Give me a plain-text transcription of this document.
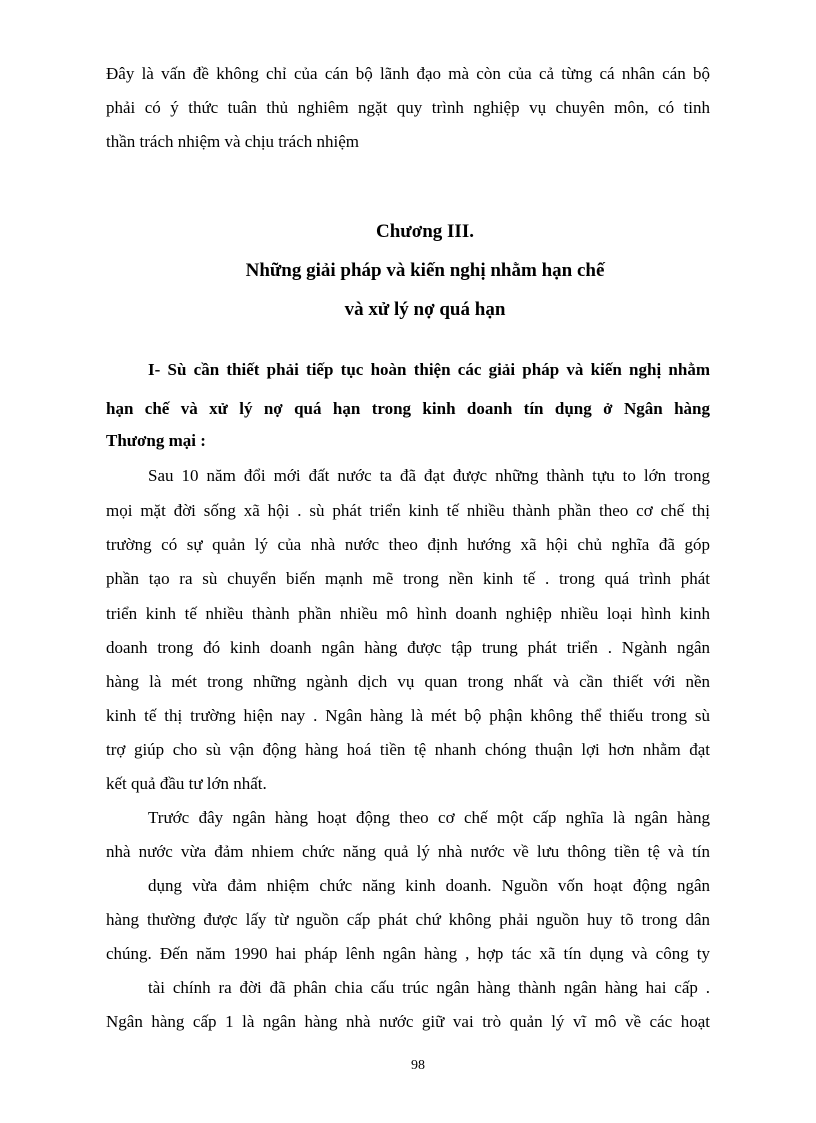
Đây là vấn đề không chỉ của cán bộ lãnh đạo mà còn của cả từng cá nhân cán bộ
phải có ý thức tuân thủ nghiêm ngặt quy trình nghiệp vụ chuyên môn, có tinh
thần trách nhiệm và chịu trách nhiệm
Chương III.
Những giải pháp và kiến nghị nhằm hạn chế
và xử lý nợ quá hạn
I- Sù cần thiết phải tiếp tục hoàn thiện các giải pháp và kiến nghị nhằm
hạn chế và xử lý nợ quá hạn trong kinh doanh tín dụng ở Ngân hàng
Thương mại :
Sau 10 năm đổi mới đất nước ta đã đạt được những thành tựu to lớn trong
mọi mặt đời sống xã hội . sù phát triển kinh tế nhiều thành phần theo cơ chế thị
trường có sự quản lý của nhà nước theo định hướng xã hội chủ nghĩa đã góp
phần tạo ra sù chuyển biến mạnh mẽ trong nền kinh tế . trong quá trình phát
triển kinh tế nhiều thành phần nhiều mô hình doanh nghiệp nhiều loại hình kinh
doanh trong đó kinh doanh ngân hàng được tập trung phát triển . Ngành ngân
hàng là mét trong những ngành dịch vụ quan trong nhất và cần thiết với nền
kinh tế thị trường hiện nay . Ngân hàng là mét bộ phận không thể thiếu trong sù
trợ giúp cho sù vận động hàng hoá tiền tệ nhanh chóng thuận lợi hơn nhằm đạt
kết quả đầu tư lớn nhất.
Trước đây ngân hàng hoạt động theo cơ chế một cấp nghĩa là ngân hàng
nhà nước vừa đảm nhiem chức năng quả lý nhà nước về lưu thông tiền tệ và tín
dụng vừa đảm nhiệm chức năng kinh doanh. Nguồn vốn hoạt động ngân
hàng thường được lấy từ nguồn cấp phát chứ không phải nguồn huy tõ trong dân
chúng. Đến năm 1990 hai pháp lênh ngân hàng , hợp tác xã tín dụng và công ty
tài chính ra đời đã phân chia cấu trúc ngân hàng thành ngân hàng hai cấp .
Ngân hàng cấp 1 là ngân hàng nhà nước giữ vai trò quản lý vĩ mô về các hoạt
98
